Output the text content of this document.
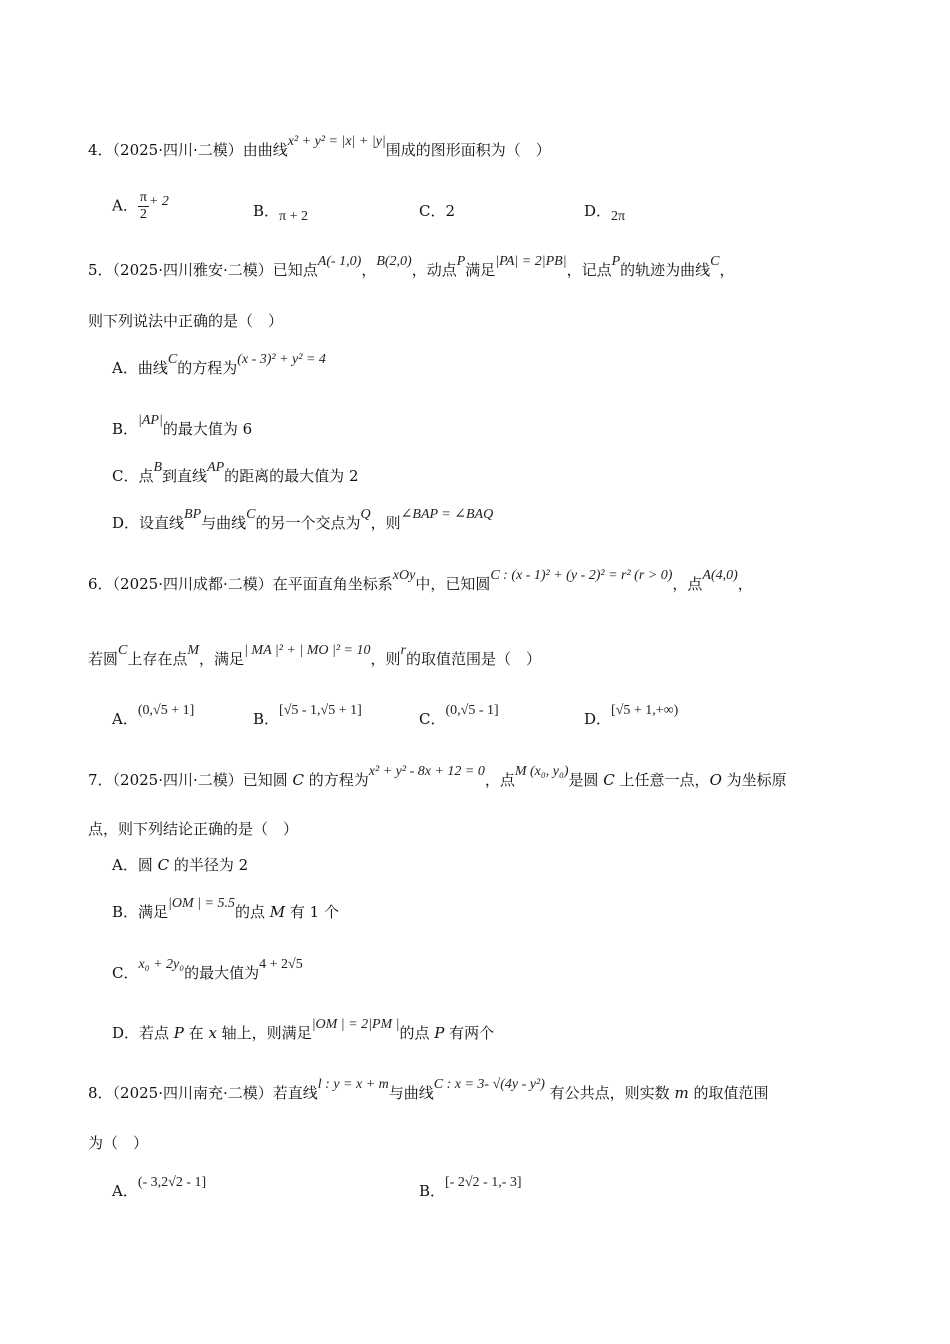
4．（2025·四川·二模）由曲线x² + y² = |x| + |y|围成的图形面积为（　）
A． $\frac{\pi}{2} + 2$
B．π + 2	C．2	D．2π
5．（2025·四川雅安·二模）已知点A(- 1,0)，B(2,0)，动点P满足|PA| = 2|PB|，记点P的轨迹为曲线C，
则下列说法中正确的是（　）
A．曲线C的方程为(x - 3)² + y² = 4
B．|AP|的最大值为 6
C．点B到直线AP的距离的最大值为 2
D．设直线BP与曲线C的另一个交点为Q，则∠BAP = ∠BAQ
6．（2025·四川成都·二模）在平面直角坐标系xOy中，已知圆C : (x - 1)² + (y - 2)² = r² (r > 0)，点A(4,0)，
若圆C上存在点M，满足| MA |² + | MO |² = 10，则r的取值范围是（　）
A．(0,√5 + 1]	B．[√5 - 1,√5 + 1]	C．(0,√5 - 1]	D．[√5 + 1,+∞)
7．（2025·四川·二模）已知圆 C 的方程为x² + y² - 8x + 12 = 0，点M (x₀, y₀)是圆 C 上任意一点，O 为坐标原
点，则下列结论正确的是（　）
A．圆 C 的半径为 2
B．满足|OM | = 5.5的点 M 有 1 个
C．x₀ + 2y₀的最大值为4 + 2√5
D．若点 P 在 x 轴上，则满足|OM | = 2|PM |的点 P 有两个
8．（2025·四川南充·二模）若直线l : y = x + m与曲线C : x = 3- √(4y - y²) 有公共点，则实数 m 的取值范围
为（　）
A．(- 3,2√2 - 1]	B．[- 2√2 - 1,- 3]
